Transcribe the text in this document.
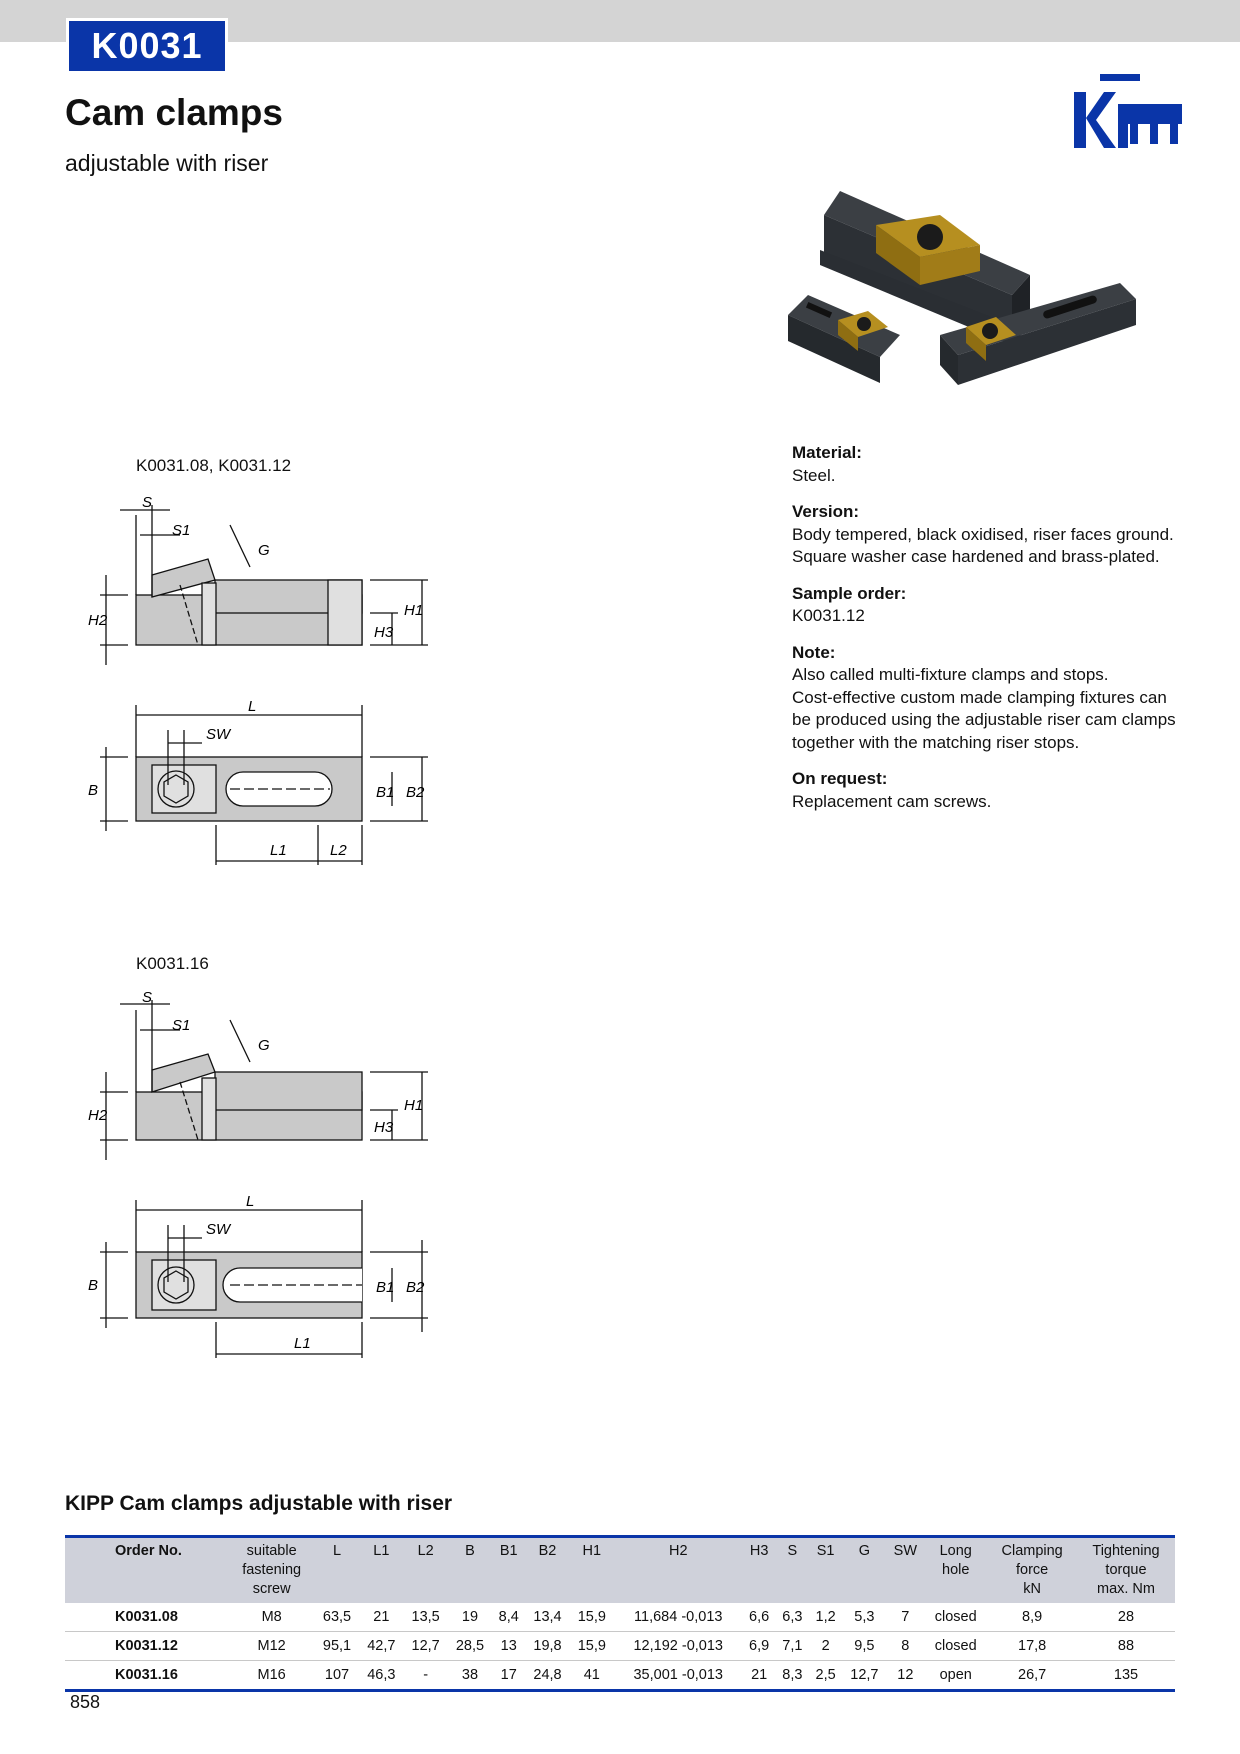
K0031
Cam clamps
adjustable with riser

Material:

Steel.

Version:

Body tempered, black oxidised, riser faces ground.

Square washer case hardened and brass-plated.

Sample order:

K0031.12

Note:

Also called multi-fixture clamps and stops.

Cost-effective custom made clamping fixtures can

be produced using the adjustable riser cam clamps

together with the matching riser stops.

On request:

Replacement cam screws.

K0031.08, K0031.12
K0031.16
S
S1
G
H2
H3
H1
L
SW
B	B1 B2
L1	L2
S
S1
G
H2
H3
H1
L
SW
B	B1 B2
L1
KIPP Cam clamps adjustable with riser
Order No.	suitable
fastening
screw	L	L1	L2	B	B1	B2	H1	H2	H3	S	S1	G	SW	Long
hole	Clamping
force
kN	Tightening
torque
max. Nm
K0031.08	M8	63,5	21	13,5	19	8,4	13,4	15,9	11,684 -0,013	6,6	6,3	1,2	5,3	7	closed	8,9	28
K0031.12	M12	95,1	42,7	12,7	28,5	13	19,8	15,9	12,192 -0,013	6,9	7,1	2	9,5	8	closed	17,8	88
K0031.16	M16	107	46,3	-	38	17	24,8	41	35,001 -0,013	21	8,3	2,5	12,7	12	open	26,7	135
858
